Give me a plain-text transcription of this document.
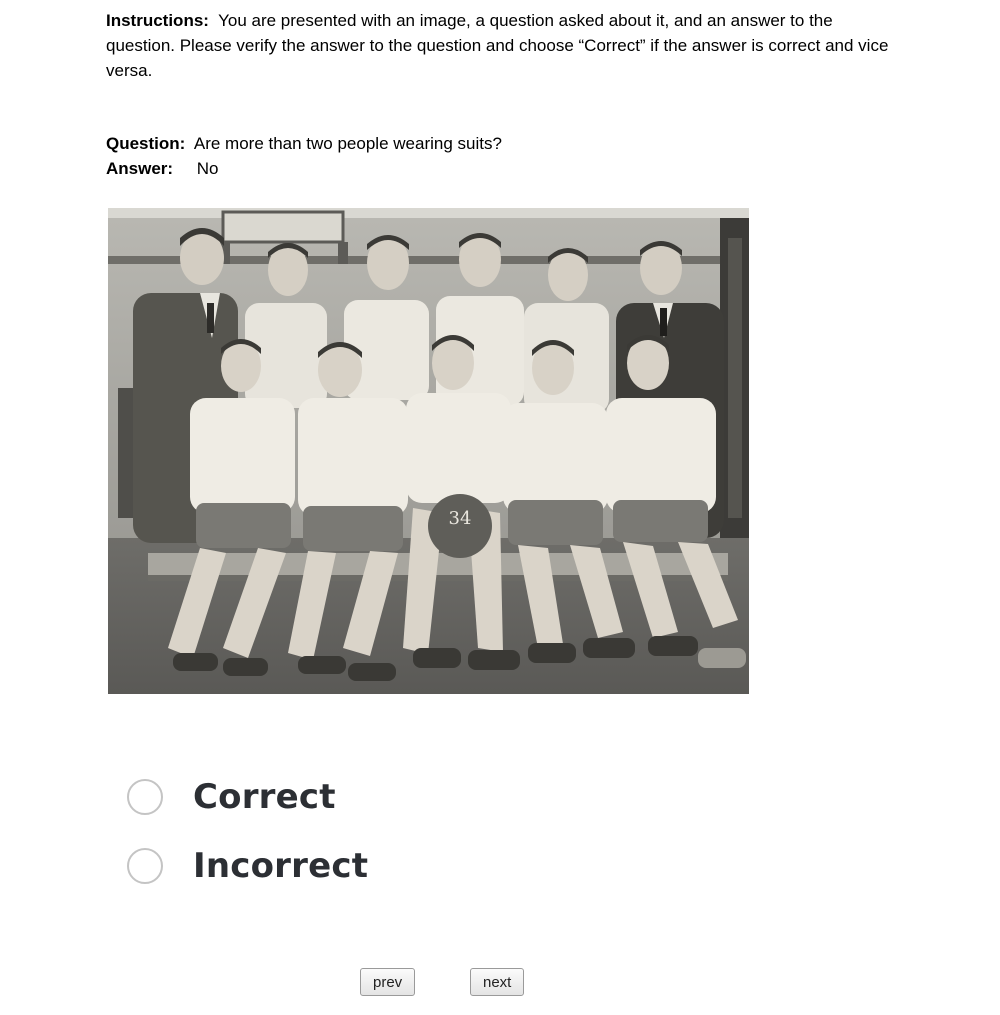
Instructions: You are presented with an image, a question asked about it, and an answer to the question. Please verify the answer to the question and choose “Correct” if the answer is correct and vice versa.
Question: Are more than two people wearing suits?
Answer: No
34
Correct
Incorrect
prev	next
